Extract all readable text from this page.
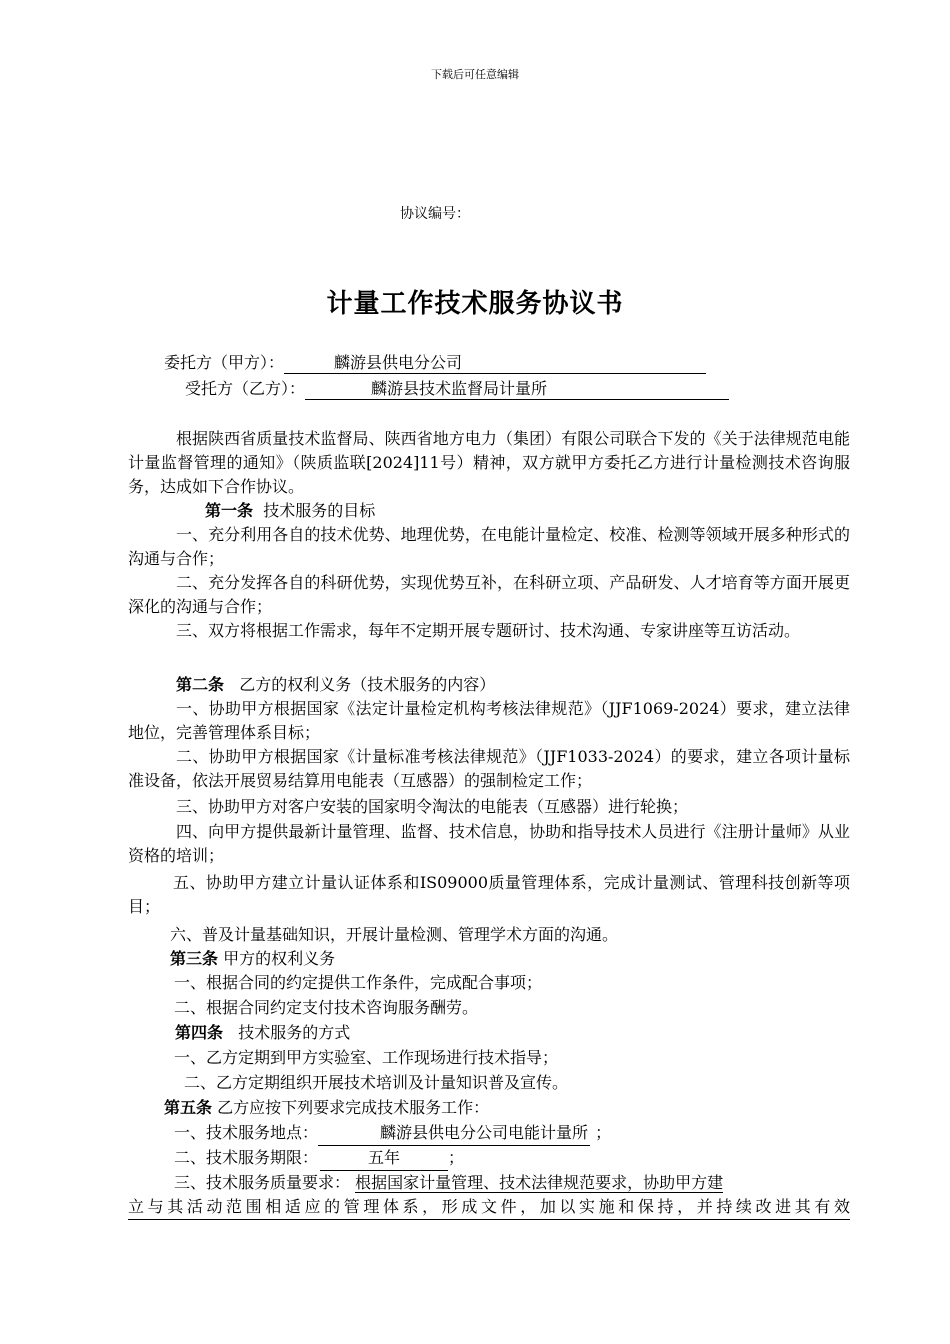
下载后可任意编辑
协议编号：
计量工作技术服务协议书
委托方（甲方）：	麟游县供电分公司
受托方（乙方）：	麟游县技术监督局计量所
根据陕西省质量技术监督局、陕西省地方电力（集团）有限公司联合下发的《关于法律规范电能计量监督管理的通知》（陕质监联[2024]11号）精神，双方就甲方委托乙方进行计量检测技术咨询服务，达成如下合作协议。
第一条 技术服务的目标
一、充分利用各自的技术优势、地理优势，在电能计量检定、校准、检测等领域开展多种形式的沟通与合作；
二、充分发挥各自的科研优势，实现优势互补，在科研立项、产品研发、人才培育等方面开展更深化的沟通与合作；
三、双方将根据工作需求，每年不定期开展专题研讨、技术沟通、专家讲座等互访活动。
第二条 乙方的权利义务（技术服务的内容）
一、协助甲方根据国家《法定计量检定机构考核法律规范》（JJF1069-2024）要求，建立法律地位，完善管理体系目标；
二、协助甲方根据国家《计量标准考核法律规范》（JJF1033-2024）的要求，建立各项计量标准设备，依法开展贸易结算用电能表（互感器）的强制检定工作；
三、协助甲方对客户安装的国家明令淘汰的电能表（互感器）进行轮换；
四、向甲方提供最新计量管理、监督、技术信息，协助和指导技术人员进行《注册计量师》从业资格的培训；
五、协助甲方建立计量认证体系和IS09000质量管理体系，完成计量测试、管理科技创新等项目；
六、普及计量基础知识，开展计量检测、管理学术方面的沟通。
第三条 甲方的权利义务
一、根据合同的约定提供工作条件，完成配合事项；
二、根据合同约定支付技术咨询服务酬劳。
第四条 技术服务的方式
一、乙方定期到甲方实验室、工作现场进行技术指导；
二、乙方定期组织开展技术培训及计量知识普及宣传。
第五条 乙方应按下列要求完成技术服务工作：
一、技术服务地点：	麟游县供电分公司电能计量所 ；
二、技术服务期限：	五年	；
三、技术服务质量要求： 根据国家计量管理、技术法律规范要求，协助甲方建
立与其活动范围相适应的管理体系，形成文件，加以实施和保持，并持续改进其有效
